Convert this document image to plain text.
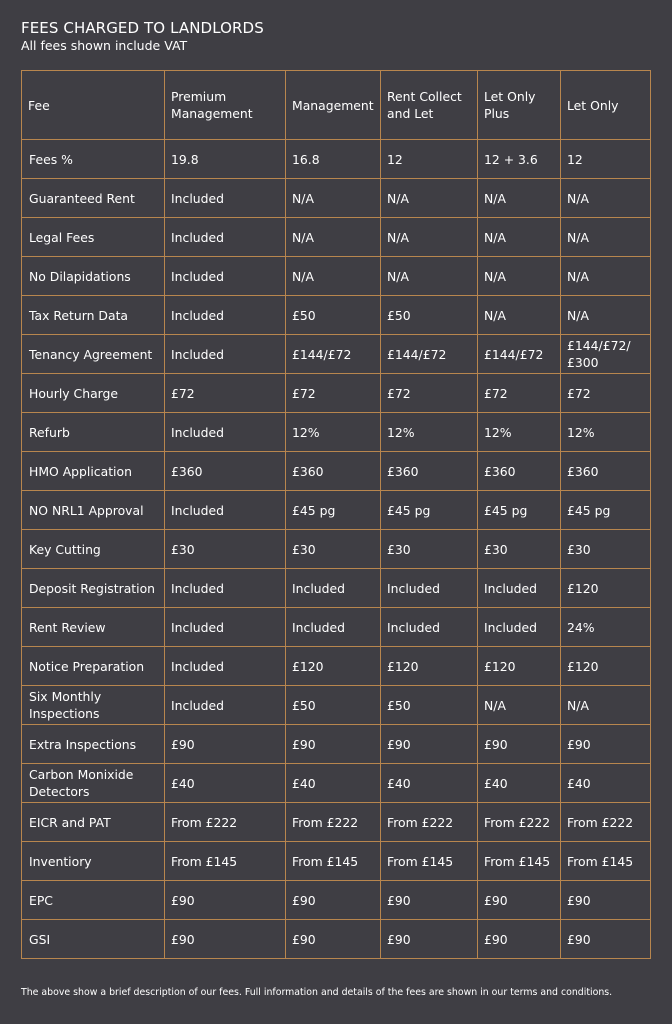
FEES CHARGED TO LANDLORDS

All fees shown include VAT

Fee	Premium Management	Management	Rent Collect and Let	Let Only Plus	Let Only
Fees %	19.8	16.8	12	12 + 3.6	12
Guaranteed Rent	Included	N/A	N/A	N/A	N/A
Legal Fees	Included	N/A	N/A	N/A	N/A
No Dilapidations	Included	N/A	N/A	N/A	N/A
Tax Return Data	Included	£50	£50	N/A	N/A
Tenancy Agreement	Included	£144/£72	£144/£72	£144/£72	£144/£72/£300
Hourly Charge	£72	£72	£72	£72	£72
Refurb	Included	12%	12%	12%	12%
HMO Application	£360	£360	£360	£360	£360
NO NRL1 Approval	Included	£45 pg	£45 pg	£45 pg	£45 pg
Key Cutting	£30	£30	£30	£30	£30
Deposit Registration	Included	Included	Included	Included	£120
Rent Review	Included	Included	Included	Included	24%
Notice Preparation	Included	£120	£120	£120	£120
Six Monthly Inspections	Included	£50	£50	N/A	N/A
Extra Inspections	£90	£90	£90	£90	£90
Carbon Monixide Detectors	£40	£40	£40	£40	£40
EICR and PAT	From £222	From £222	From £222	From £222	From £222
Inventiory	From £145	From £145	From £145	From £145	From £145
EPC	£90	£90	£90	£90	£90
GSI	£90	£90	£90	£90	£90

The above show a brief description of our fees. Full information and details of the fees are shown in our terms and conditions.
